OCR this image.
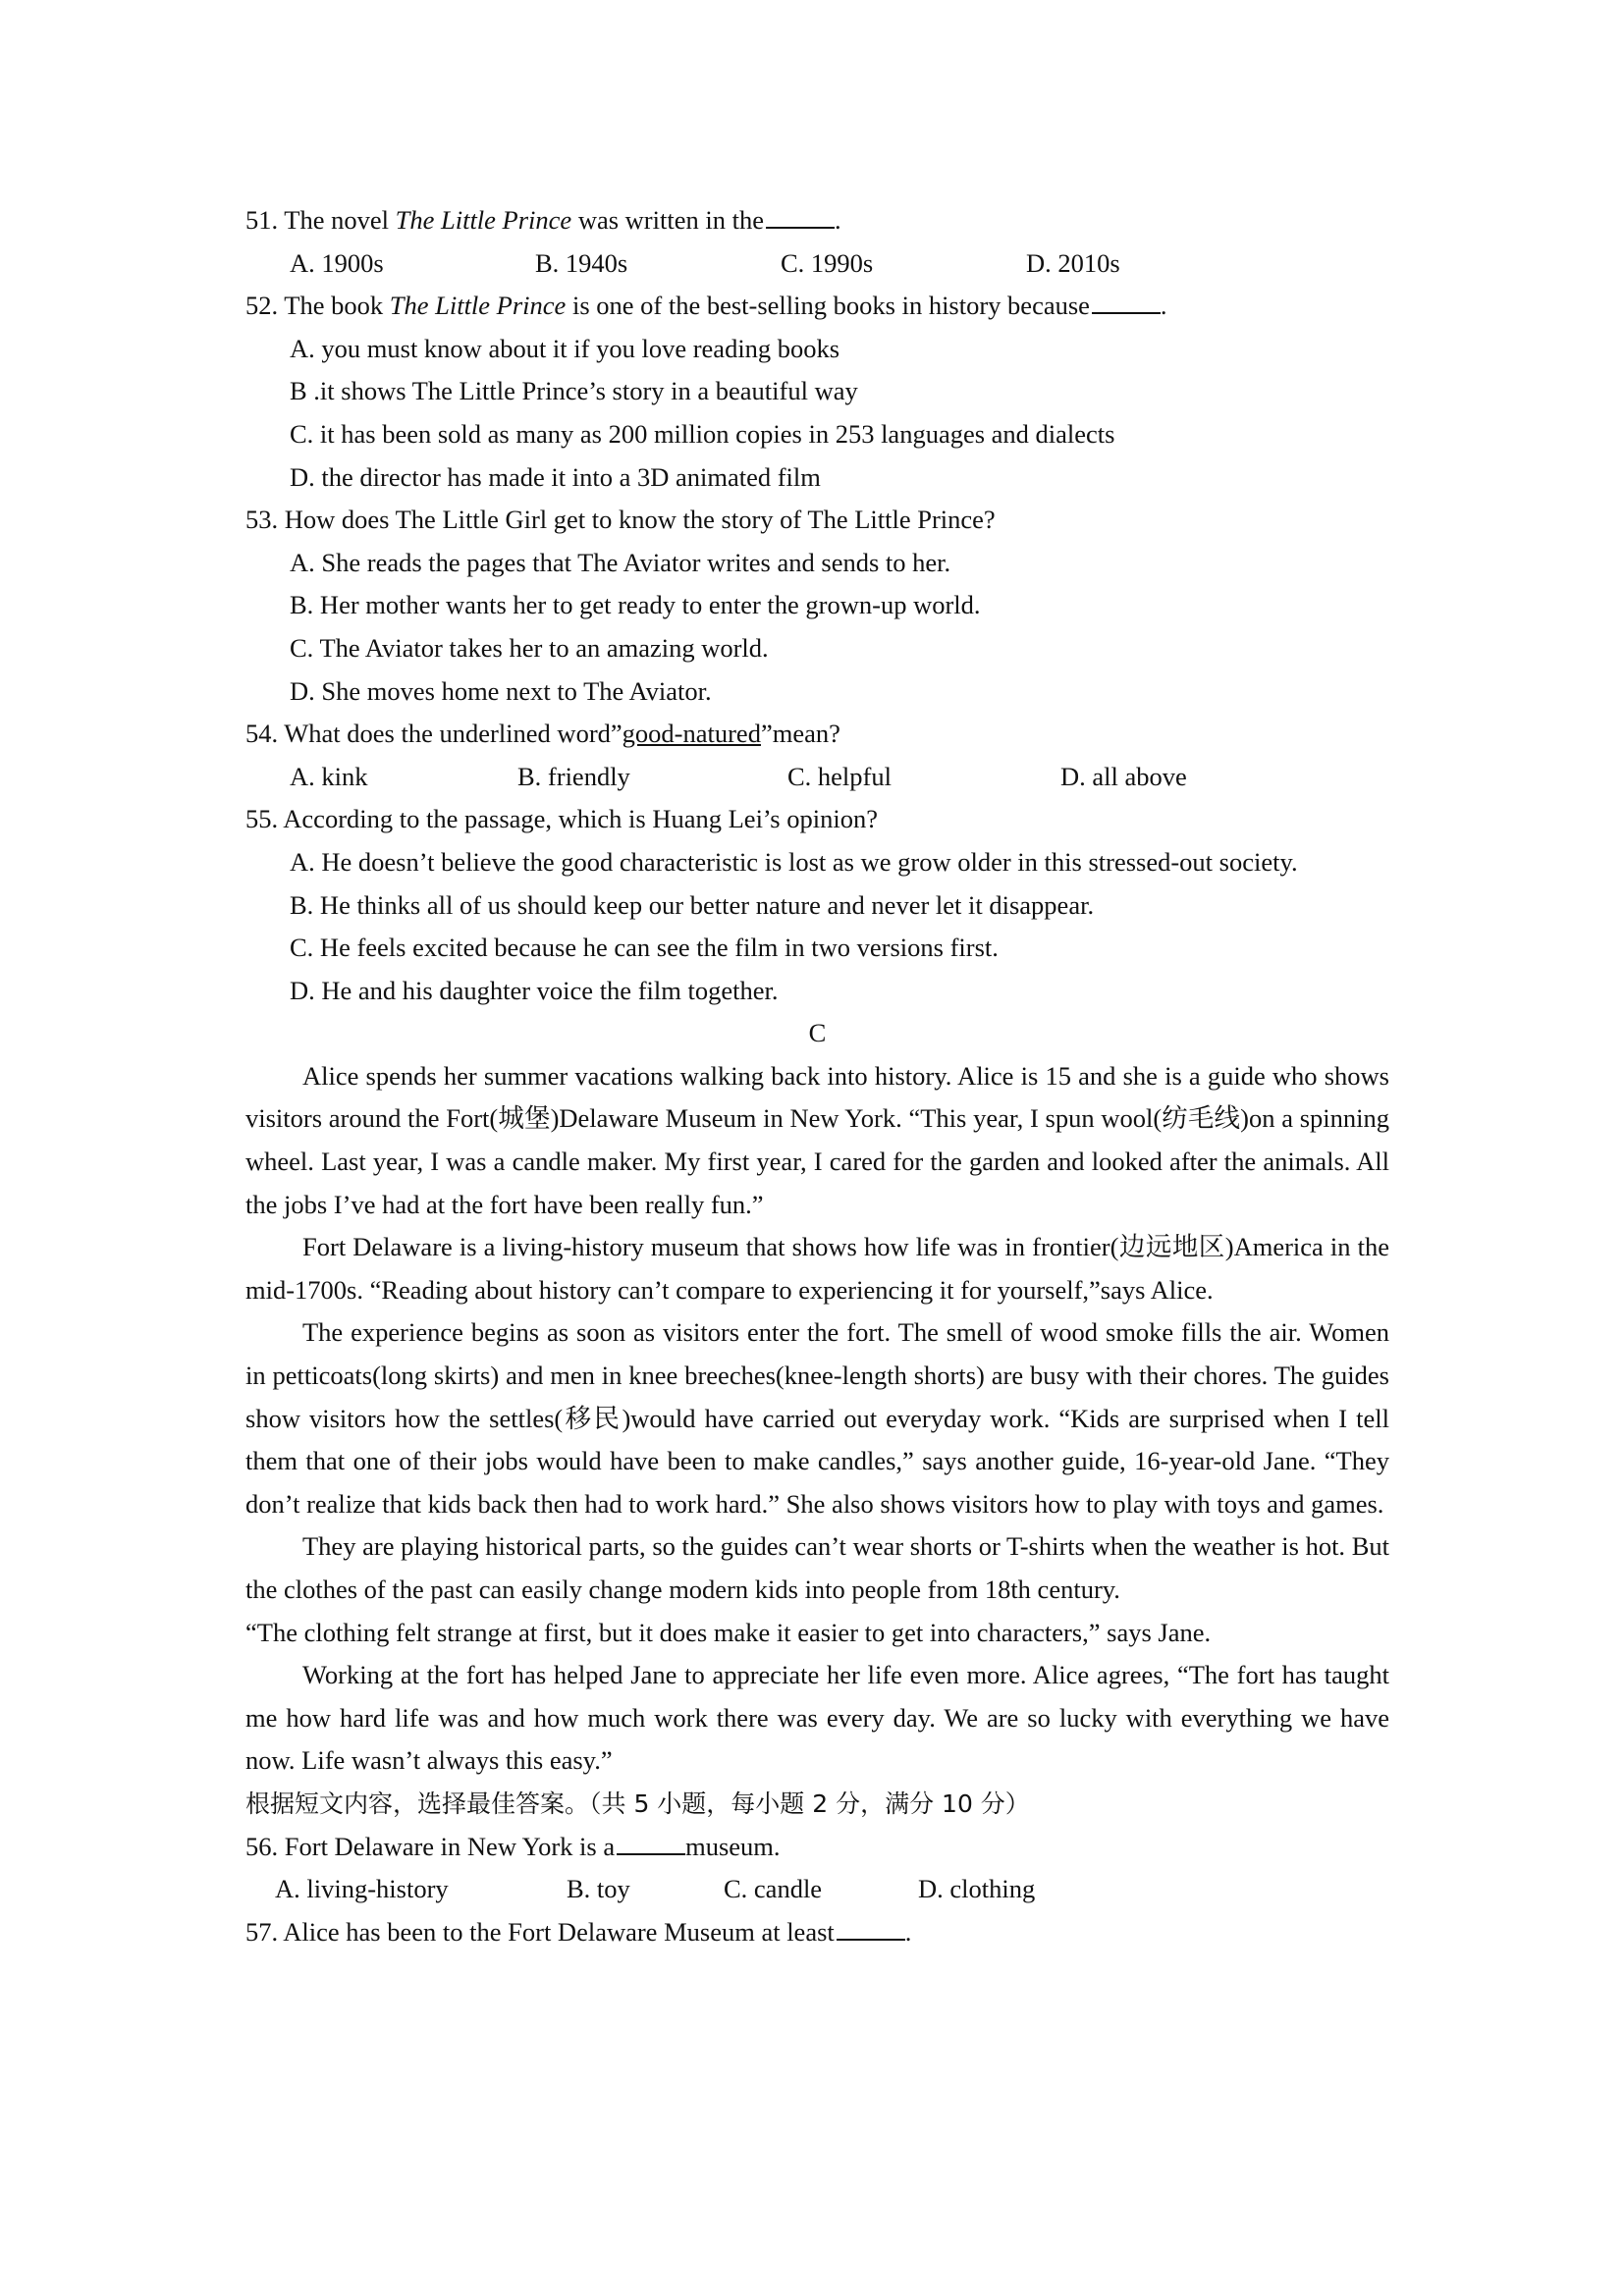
51. The novel The Little Prince was written in the	.
A. 1900s	B. 1940s	C. 1990s	D. 2010s
52. The book The Little Prince is one of the best-selling books in history because	.
A. you must know about it if you love reading books
B .it shows The Little Prince’s story in a beautiful way
C. it has been sold as many as 200 million copies in 253 languages and dialects
D. the director has made it into a 3D animated film
53. How does The Little Girl get to know the story of The Little Prince?
A. She reads the pages that The Aviator writes and sends to her.
B. Her mother wants her to get ready to enter the grown-up world.
C. The Aviator takes her to an amazing world.
D. She moves home next to The Aviator.
54. What does the underlined word”good-natured”mean?
A. kink	B. friendly	C. helpful	D. all above
55. According to the passage, which is Huang Lei’s opinion?
A. He doesn’t believe the good characteristic is lost as we grow older in this stressed-out society.
B. He thinks all of us should keep our better nature and never let it disappear.
C. He feels excited because he can see the film in two versions first.
D. He and his daughter voice the film together.
C

Alice spends her summer vacations walking back into history. Alice is 15 and she is a guide who shows visitors around the Fort(城堡)Delaware Museum in New York. “This year, I spun wool(纺毛线)on a spinning wheel. Last year, I was a candle maker. My first year, I cared for the garden and looked after the animals. All the jobs I’ve had at the fort have been really fun.”

Fort Delaware is a living-history museum that shows how life was in frontier(边远地区)America in the mid-1700s. “Reading about history can’t compare to experiencing it for yourself,”says Alice.

The experience begins as soon as visitors enter the fort. The smell of wood smoke fills the air. Women in petticoats(long skirts) and men in knee breeches(knee-length shorts) are busy with their chores. The guides show visitors how the settles(移民)would have carried out everyday work. “Kids are surprised when I tell them that one of their jobs would have been to make candles,” says another guide, 16-year-old Jane. “They don’t realize that kids back then had to work hard.” She also shows visitors how to play with toys and games.

They are playing historical parts, so the guides can’t wear shorts or T-shirts when the weather is hot. But the clothes of the past can easily change modern kids into people from 18th century.

“The clothing felt strange at first, but it does make it easier to get into characters,” says Jane.

Working at the fort has helped Jane to appreciate her life even more. Alice agrees, “The fort has taught me how hard life was and how much work there was every day. We are so lucky with everything we have now. Life wasn’t always this easy.”

根据短文内容，选择最佳答案。（共 5 小题，每小题 2 分，满分 10 分）
56. Fort Delaware in New York is a	museum.
A. living-history	B. toy	C. candle	D. clothing
57. Alice has been to the Fort Delaware Museum at least	.
